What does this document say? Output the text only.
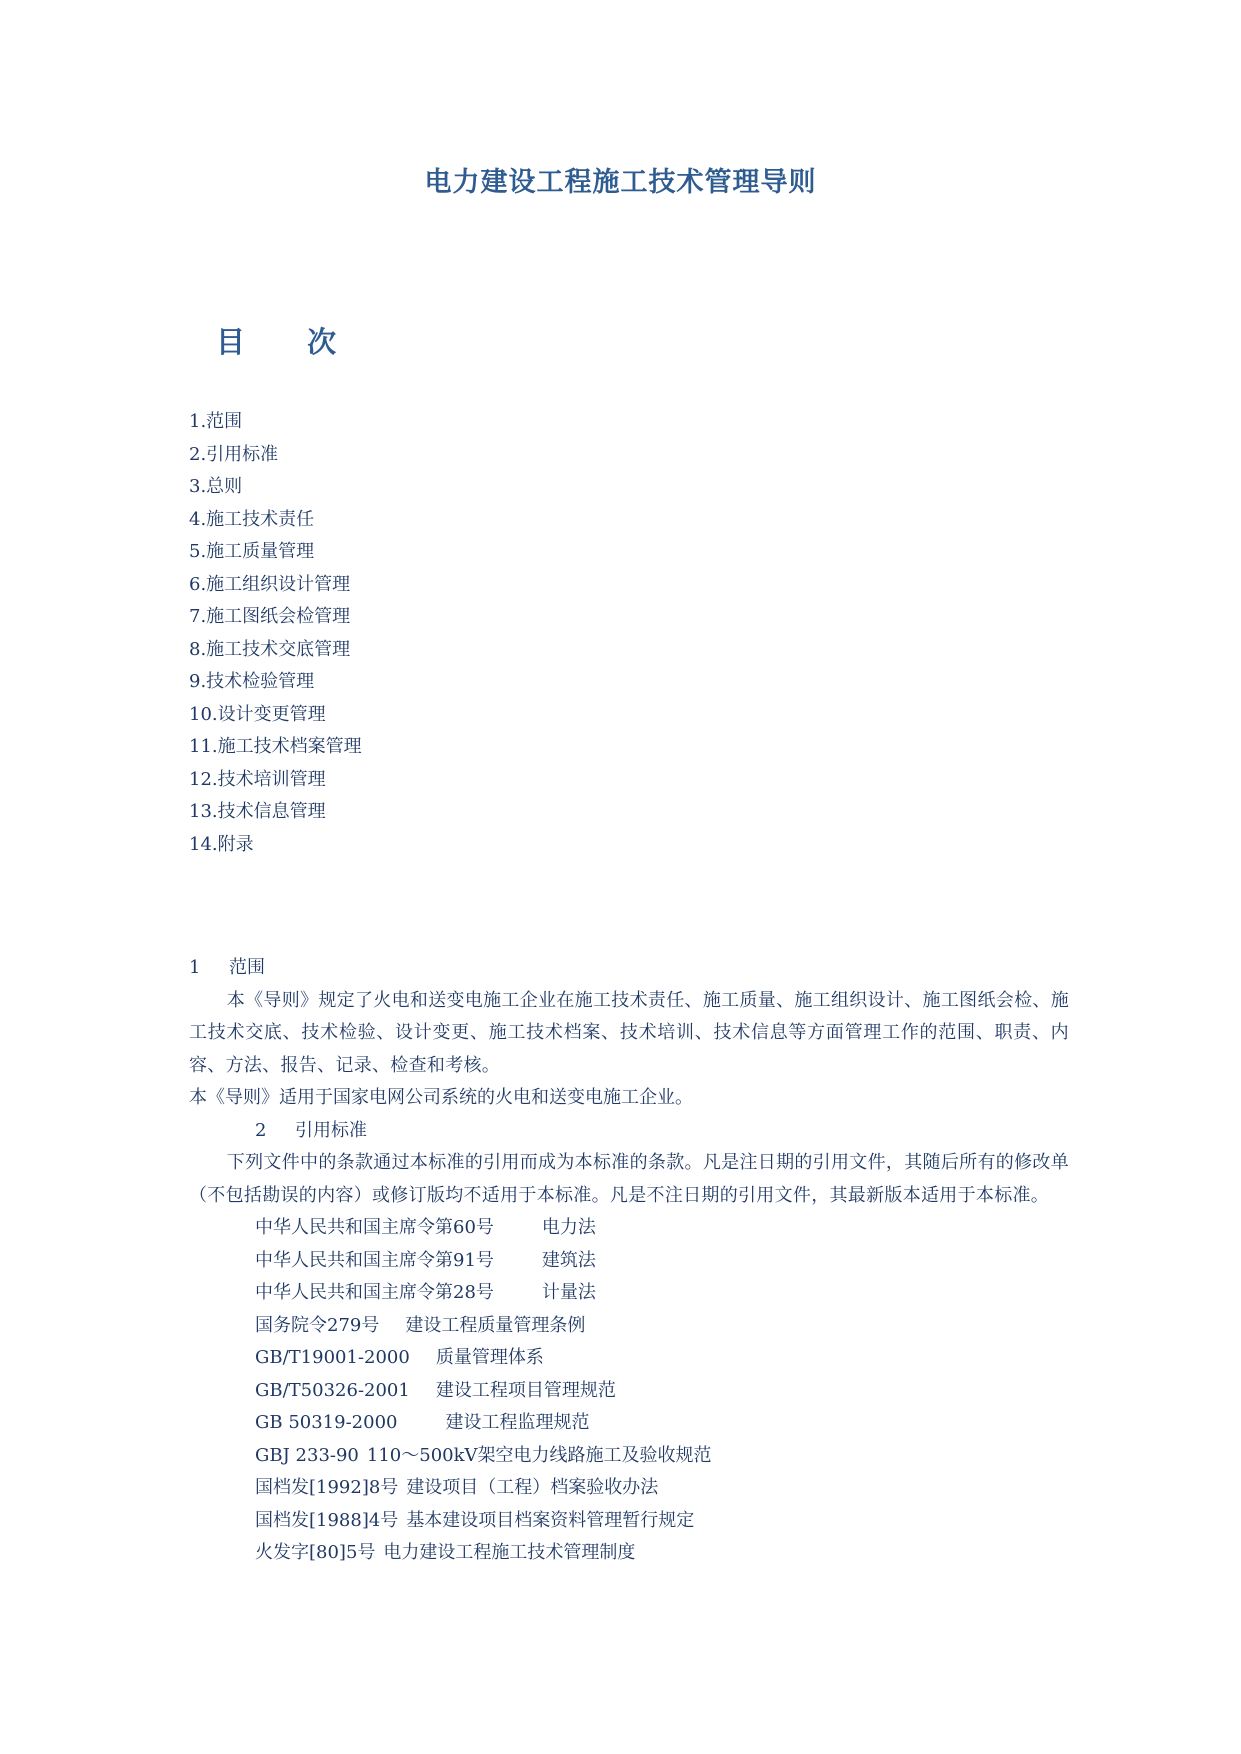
电力建设工程施工技术管理导则
目 次
1.范围
2.引用标准
3.总则
4.施工技术责任
5.施工质量管理
6.施工组织设计管理
7.施工图纸会检管理
8.施工技术交底管理
9.技术检验管理
10.设计变更管理
11.施工技术档案管理
12.技术培训管理
13.技术信息管理
14.附录
1 范围
本《导则》规定了火电和送变电施工企业在施工技术责任、施工质量、施工组织设计、施工图纸会检、施工技术交底、技术检验、设计变更、施工技术档案、技术培训、技术信息等方面管理工作的范围、职责、内容、方法、报告、记录、检查和考核。
本《导则》适用于国家电网公司系统的火电和送变电施工企业。
2 引用标准
下列文件中的条款通过本标准的引用而成为本标准的条款。凡是注日期的引用文件，其随后所有的修改单（不包括勘误的内容）或修订版均不适用于本标准。凡是不注日期的引用文件，其最新版本适用于本标准。
中华人民共和国主席令第60号	电力法
中华人民共和国主席令第91号	建筑法
中华人民共和国主席令第28号	计量法
国务院令279号 建设工程质量管理条例
GB/T19001-2000 质量管理体系
GB/T50326-2001 建设工程项目管理规范
GB 50319-2000	建设工程监理规范
GBJ 233-90 110～500kV架空电力线路施工及验收规范
国档发[1992]8号 建设项目（工程）档案验收办法
国档发[1988]4号 基本建设项目档案资料管理暂行规定
火发字[80]5号 电力建设工程施工技术管理制度
